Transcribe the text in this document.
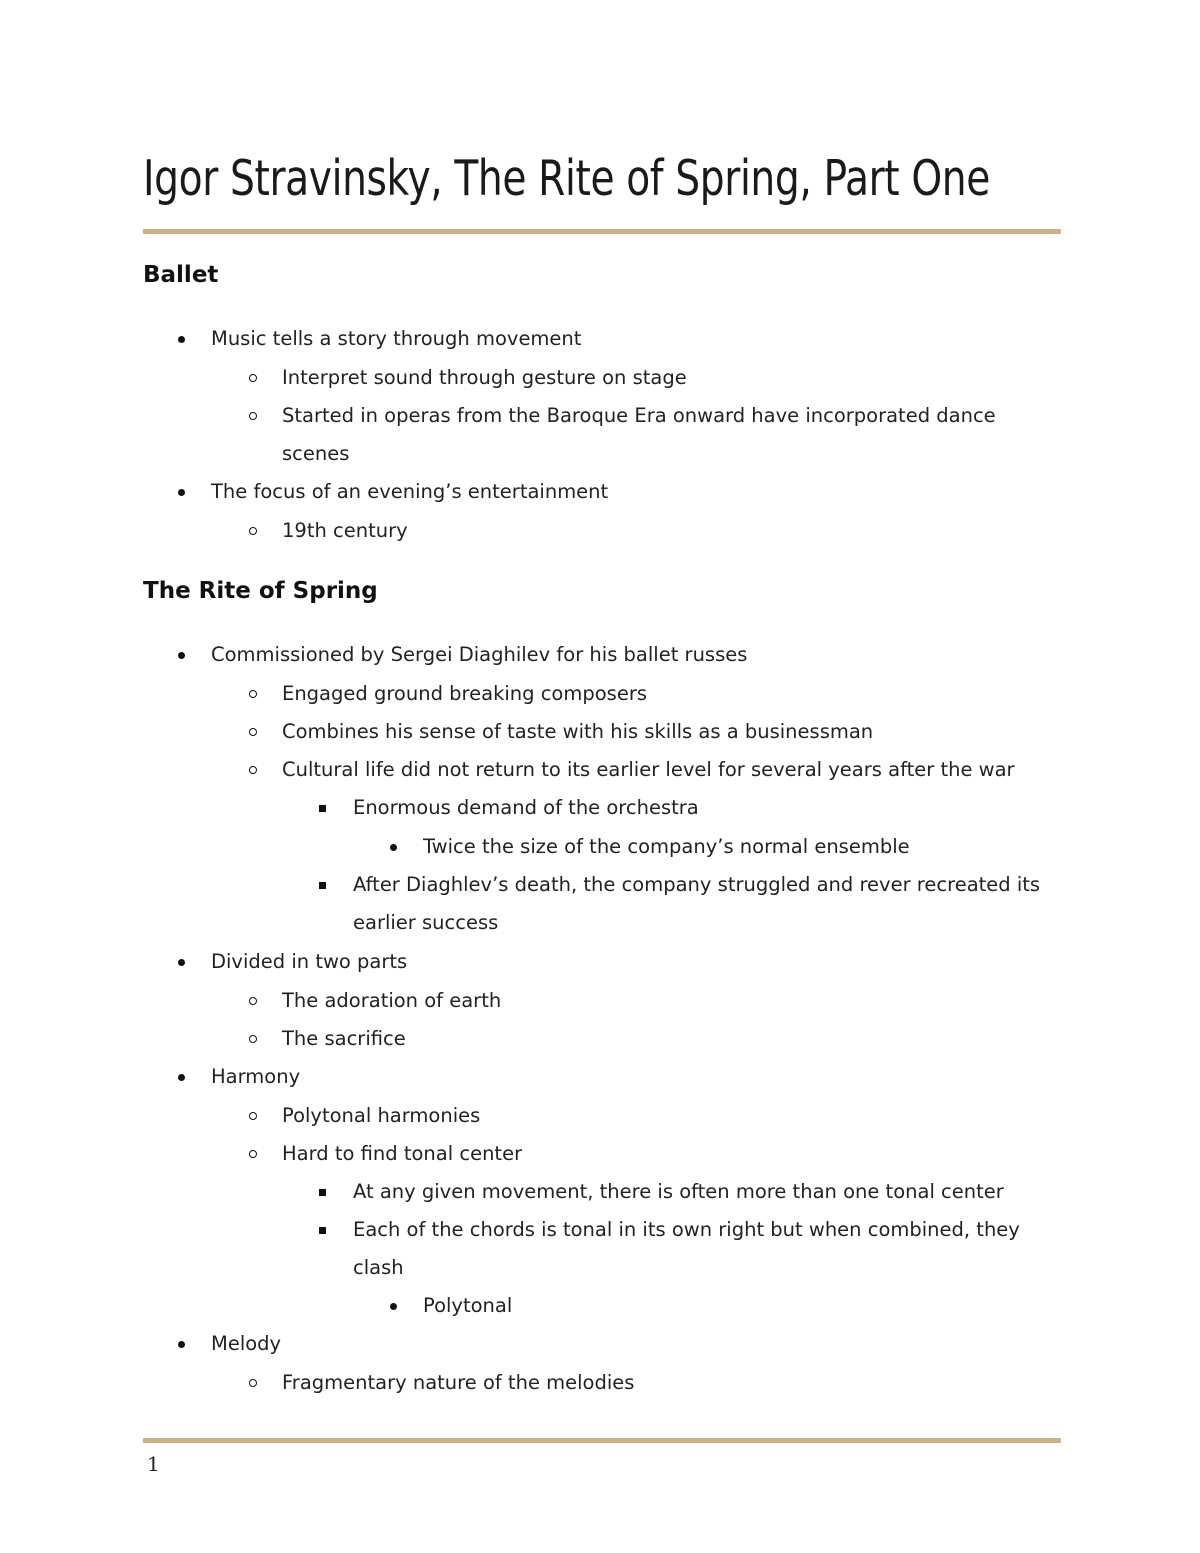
Igor Stravinsky, The Rite of Spring, Part One
Ballet
Music tells a story through movement
Interpret sound through gesture on stage
Started in operas from the Baroque Era onward have incorporated dance
scenes
The focus of an evening’s entertainment
19th century
The Rite of Spring
Commissioned by Sergei Diaghilev for his ballet russes
Engaged ground breaking composers
Combines his sense of taste with his skills as a businessman
Cultural life did not return to its earlier level for several years after the war
Enormous demand of the orchestra
Twice the size of the company’s normal ensemble
After Diaghlev’s death, the company struggled and rever recreated its
earlier success
Divided in two parts
The adoration of earth
The sacrifice
Harmony
Polytonal harmonies
Hard to find tonal center
At any given movement, there is often more than one tonal center
Each of the chords is tonal in its own right but when combined, they
clash
Polytonal
Melody
Fragmentary nature of the melodies
1
